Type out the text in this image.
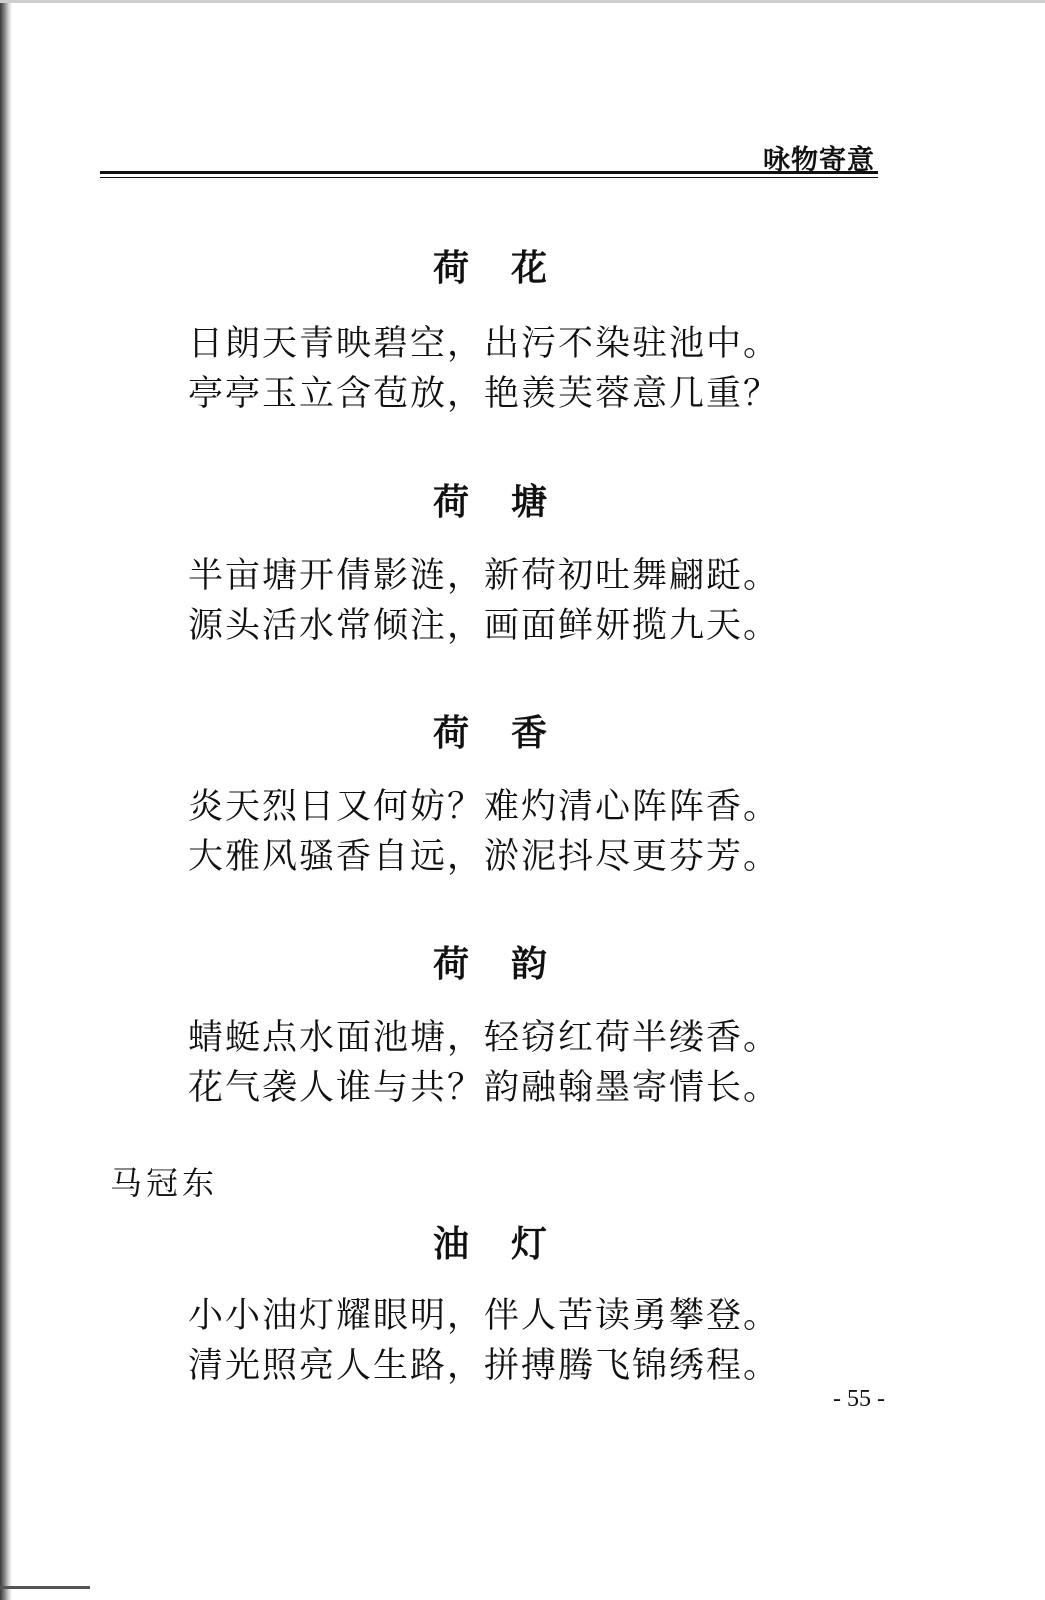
咏物寄意
荷花
日朗天青映碧空，出污不染驻池中。
亭亭玉立含苞放，艳羡芙蓉意几重？
荷塘
半亩塘开倩影涟，新荷初吐舞翩跹。
源头活水常倾注，画面鲜妍揽九天。
荷香
炎天烈日又何妨？难灼清心阵阵香。
大雅风骚香自远，淤泥抖尽更芬芳。
荷韵
蜻蜓点水面池塘，轻窃红荷半缕香。
花气袭人谁与共？韵融翰墨寄情长。
马冠东
油灯
小小油灯耀眼明，伴人苦读勇攀登。
清光照亮人生路，拼搏腾飞锦绣程。
- 55 -
